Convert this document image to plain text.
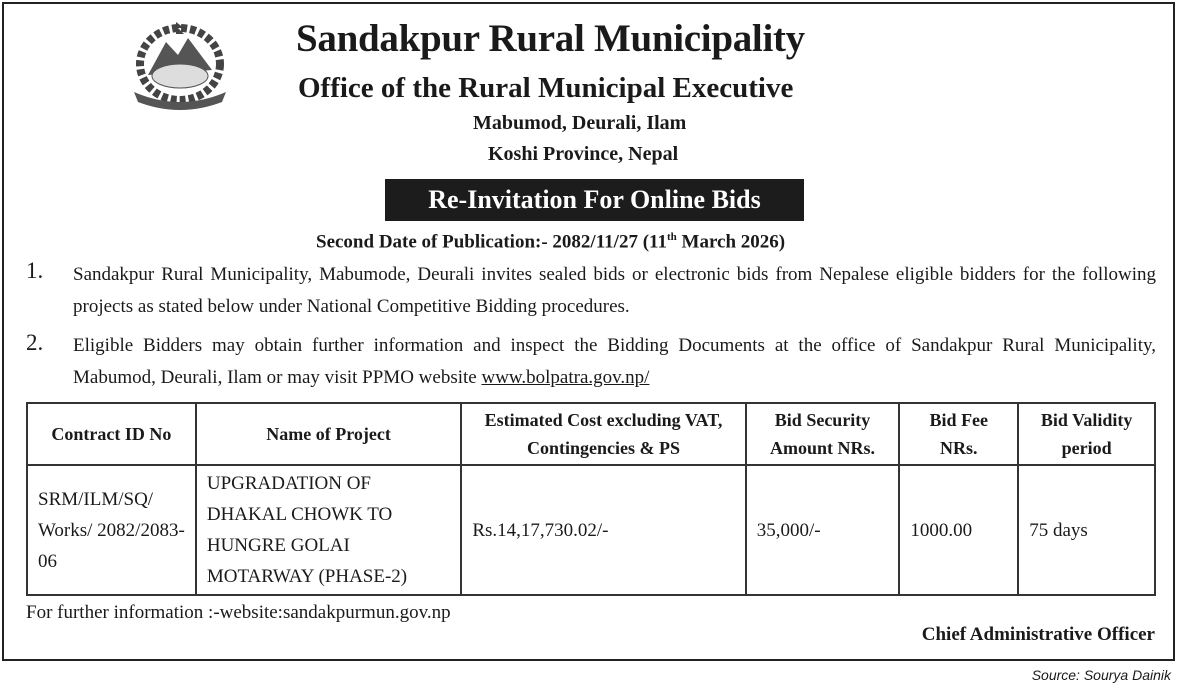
Sandakpur Rural Municipality
Office of the Rural Municipal Executive
Mabumod, Deurali, Ilam
Koshi Province, Nepal
Re-Invitation For Online Bids
Second Date of Publication:- 2082/11/27 (11th March 2026)
1. Sandakpur Rural Municipality, Mabumode, Deurali invites sealed bids or electronic bids from Nepalese eligible bidders for the following projects as stated below under National Competitive Bidding procedures.
2. Eligible Bidders may obtain further information and inspect the Bidding Documents at the office of Sandakpur Rural Municipality, Mabumod, Deurali, Ilam or may visit PPMO website www.bolpatra.gov.np/
Contract ID No	Name of Project	Estimated Cost excluding VAT, Contingencies & PS	Bid Security Amount NRs.	Bid Fee NRs.	Bid Validity period
SRM/ILM/SQ/ Works/ 2082/2083-06	UPGRADATION OF DHAKAL CHOWK TO HUNGRE GOLAI MOTARWAY (PHASE-2)	Rs.14,17,730.02/-	35,000/-	1000.00	75 days
For further information :-website:sandakpurmun.gov.np
Chief Administrative Officer
Source: Sourya Dainik
